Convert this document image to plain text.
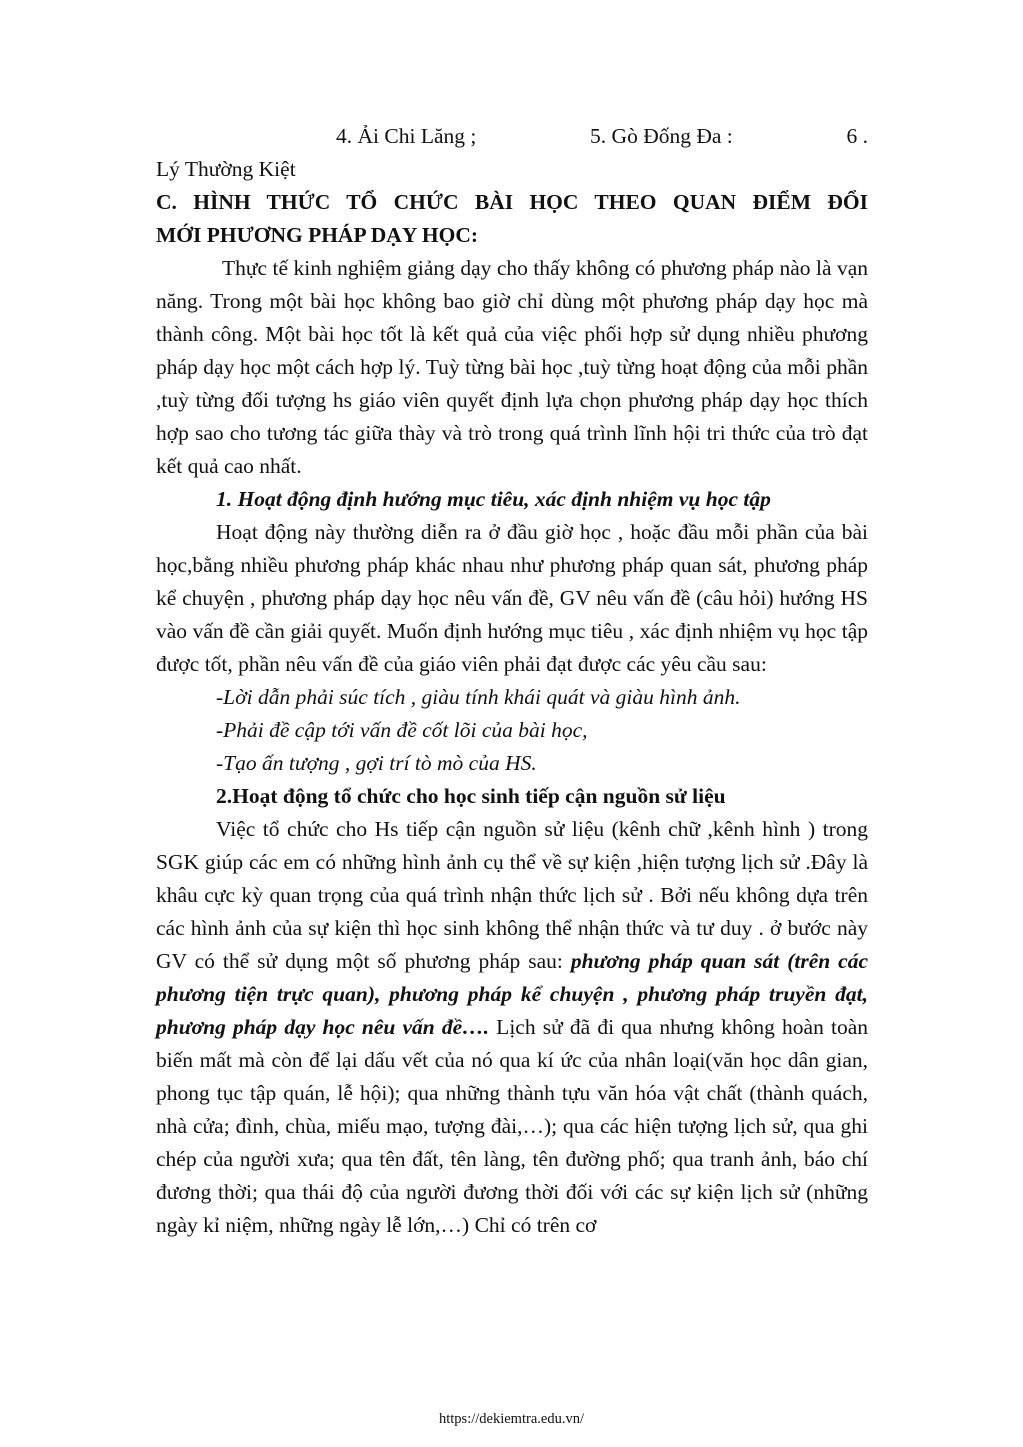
4. Ải Chi Lăng ;	5. Gò Đống Đa :	6 .
Lý Thường Kiệt
C. HÌNH THỨC TỔ CHỨC BÀI HỌC THEO QUAN ĐIỂM ĐỔI
MỚI PHƯƠNG PHÁP DẠY HỌC:

Thực tế kinh nghiệm giảng dạy cho thấy không có phương pháp nào là vạn năng. Trong một bài học không bao giờ chỉ dùng một phương pháp dạy học mà thành công. Một bài học tốt là kết quả của việc phối hợp sử dụng nhiều phương pháp dạy học một cách hợp lý. Tuỳ từng bài học ,tuỳ từng hoạt động của mỗi phần ,tuỳ từng đối tượng hs giáo viên quyết định lựa chọn phương pháp dạy học thích hợp sao cho tương tác giữa thày và trò trong quá trình lĩnh hội tri thức của trò đạt kết quả cao nhất.

1. Hoạt động định hướng mục tiêu, xác định nhiệm vụ học tập

Hoạt động này thường diễn ra ở đầu giờ học , hoặc đầu mỗi phần của bài học,bằng nhiều phương pháp khác nhau như phương pháp quan sát, phương pháp kể chuyện , phương pháp dạy học nêu vấn đề, GV nêu vấn đề (câu hỏi) hướng HS vào vấn đề cần giải quyết. Muốn định hướng mục tiêu , xác định nhiệm vụ học tập được tốt, phần nêu vấn đề của giáo viên phải đạt được các yêu cầu sau:

-Lời dẫn phải súc tích , giàu tính khái quát và giàu hình ảnh.

-Phải đề cập tới vấn đề cốt lõi của bài học,

-Tạo ấn tượng , gợi trí tò mò của HS.

2.Hoạt động tổ chức cho học sinh tiếp cận nguồn sử liệu

Việc tổ chức cho Hs tiếp cận nguồn sử liệu (kênh chữ ,kênh hình ) trong SGK giúp các em có những hình ảnh cụ thể về sự kiện ,hiện tượng lịch sử .Đây là khâu cực kỳ quan trọng của quá trình nhận thức lịch sử . Bởi nếu không dựa trên các hình ảnh của sự kiện thì học sinh không thể nhận thức và tư duy . ở bước này GV có thể sử dụng một số phương pháp sau: phương pháp quan sát (trên các phương tiện trực quan), phương pháp kể chuyện , phương pháp truyền đạt, phương pháp dạy học nêu vấn đề…. Lịch sử đã đi qua nhưng không hoàn toàn biến mất mà còn để lại dấu vết của nó qua kí ức của nhân loại(văn học dân gian, phong tục tập quán, lễ hội); qua những thành tựu văn hóa vật chất (thành quách, nhà cửa; đình, chùa, miếu mạo, tượng đài,…); qua các hiện tượng lịch sử, qua ghi chép của người xưa; qua tên đất, tên làng, tên đường phố; qua tranh ảnh, báo chí đương thời; qua thái độ của người đương thời đối với các sự kiện lịch sử (những ngày kỉ niệm, những ngày lễ lớn,…) Chỉ có trên cơ

https://dekiemtra.edu.vn/
